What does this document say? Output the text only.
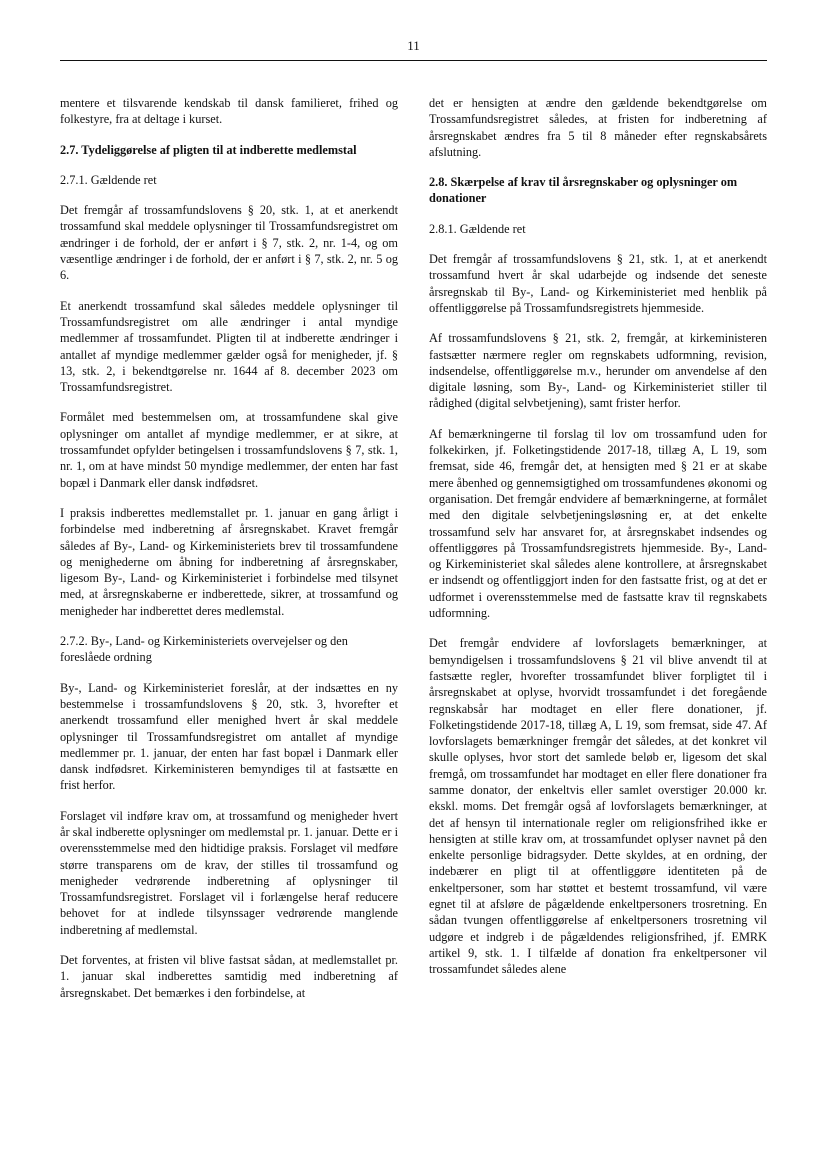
11

mentere et tilsvarende kendskab til dansk familieret, frihed og folkestyre, fra at deltage i kurset.

2.7. Tydeliggørelse af pligten til at indberette medlemstal
2.7.1. Gældende ret

Det fremgår af trossamfundslovens § 20, stk. 1, at et anerkendt trossamfund skal meddele oplysninger til Trossamfundsregistret om ændringer i de forhold, der er anført i § 7, stk. 2, nr. 1-4, og om væsentlige ændringer i de forhold, der er anført i § 7, stk. 2, nr. 5 og 6.

Et anerkendt trossamfund skal således meddele oplysninger til Trossamfundsregistret om alle ændringer i antal myndige medlemmer af trossamfundet. Pligten til at indberette ændringer i antallet af myndige medlemmer gælder også for menigheder, jf. § 13, stk. 2, i bekendtgørelse nr. 1644 af 8. december 2023 om Trossamfundsregistret.

Formålet med bestemmelsen om, at trossamfundene skal give oplysninger om antallet af myndige medlemmer, er at sikre, at trossamfundet opfylder betingelsen i trossamfundslovens § 7, stk. 1, nr. 1, om at have mindst 50 myndige medlemmer, der enten har fast bopæl i Danmark eller dansk indfødsret.

I praksis indberettes medlemstallet pr. 1. januar en gang årligt i forbindelse med indberetning af årsregnskabet. Kravet fremgår således af By-, Land- og Kirkeministeriets brev til trossamfundene og menighederne om åbning for indberetning af årsregnskaber, ligesom By-, Land- og Kirkeministeriet i forbindelse med tilsynet med, at årsregnskaberne er indberettede, sikrer, at trossamfund og menigheder har indberettet deres medlemstal.

2.7.2. By-, Land- og Kirkeministeriets overvejelser og den foreslåede ordning

By-, Land- og Kirkeministeriet foreslår, at der indsættes en ny bestemmelse i trossamfundslovens § 20, stk. 3, hvorefter et anerkendt trossamfund eller menighed hvert år skal meddele oplysninger til Trossamfundsregistret om antallet af myndige medlemmer pr. 1. januar, der enten har fast bopæl i Danmark eller dansk indfødsret. Kirkeministeren bemyndiges til at fastsætte en frist herfor.

Forslaget vil indføre krav om, at trossamfund og menigheder hvert år skal indberette oplysninger om medlemstal pr. 1. januar. Dette er i overensstemmelse med den hidtidige praksis. Forslaget vil medføre større transparens om de krav, der stilles til trossamfund og menigheder vedrørende indberetning af oplysninger til Trossamfundsregistret. Forslaget vil i forlængelse heraf reducere behovet for at indlede tilsynssager vedrørende manglende indberetning af medlemstal.

Det forventes, at fristen vil blive fastsat sådan, at medlemstallet pr. 1. januar skal indberettes samtidig med indberetning af årsregnskabet. Det bemærkes i den forbindelse, at

det er hensigten at ændre den gældende bekendtgørelse om Trossamfundsregistret således, at fristen for indberetning af årsregnskabet ændres fra 5 til 8 måneder efter regnskabsårets afslutning.

2.8. Skærpelse af krav til årsregnskaber og oplysninger om donationer
2.8.1. Gældende ret

Det fremgår af trossamfundslovens § 21, stk. 1, at et anerkendt trossamfund hvert år skal udarbejde og indsende det seneste årsregnskab til By-, Land- og Kirkeministeriet med henblik på offentliggørelse på Trossamfundsregistrets hjemmeside.

Af trossamfundslovens § 21, stk. 2, fremgår, at kirkeministeren fastsætter nærmere regler om regnskabets udformning, revision, indsendelse, offentliggørelse m.v., herunder om anvendelse af den digitale løsning, som By-, Land- og Kirkeministeriet stiller til rådighed (digital selvbetjening), samt frister herfor.

Af bemærkningerne til forslag til lov om trossamfund uden for folkekirken, jf. Folketingstidende 2017-18, tillæg A, L 19, som fremsat, side 46, fremgår det, at hensigten med § 21 er at skabe mere åbenhed og gennemsigtighed om trossamfundenes økonomi og organisation. Det fremgår endvidere af bemærkningerne, at formålet med den digitale selvbetjeningsløsning er, at det enkelte trossamfund selv har ansvaret for, at årsregnskabet indsendes og offentliggøres på Trossamfundsregistrets hjemmeside. By-, Land- og Kirkeministeriet skal således alene kontrollere, at årsregnskabet er indsendt og offentliggjort inden for den fastsatte frist, og at det er udformet i overensstemmelse med de fastsatte krav til regnskabets udformning.

Det fremgår endvidere af lovforslagets bemærkninger, at bemyndigelsen i trossamfundslovens § 21 vil blive anvendt til at fastsætte regler, hvorefter trossamfundet bliver forpligtet til i årsregnskabet at oplyse, hvorvidt trossamfundet i det foregående regnskabsår har modtaget en eller flere donationer, jf. Folketingstidende 2017-18, tillæg A, L 19, som fremsat, side 47. Af lovforslagets bemærkninger fremgår det således, at det konkret vil skulle oplyses, hvor stort det samlede beløb er, ligesom det skal fremgå, om trossamfundet har modtaget en eller flere donationer fra samme donator, der enkeltvis eller samlet overstiger 20.000 kr. ekskl. moms. Det fremgår også af lovforslagets bemærkninger, at det af hensyn til internationale regler om religionsfrihed ikke er hensigten at stille krav om, at trossamfundet oplyser navnet på den enkelte personlige bidragsyder. Dette skyldes, at en ordning, der indebærer en pligt til at offentliggøre identiteten på de enkeltpersoner, som har støttet et bestemt trossamfund, vil være egnet til at afsløre de pågældende enkeltpersoners trosretning. En sådan tvungen offentliggørelse af enkeltpersoners trosretning vil udgøre et indgreb i de pågældendes religionsfrihed, jf. EMRK artikel 9, stk. 1. I tilfælde af donation fra enkeltpersoner vil trossamfundet således alene
